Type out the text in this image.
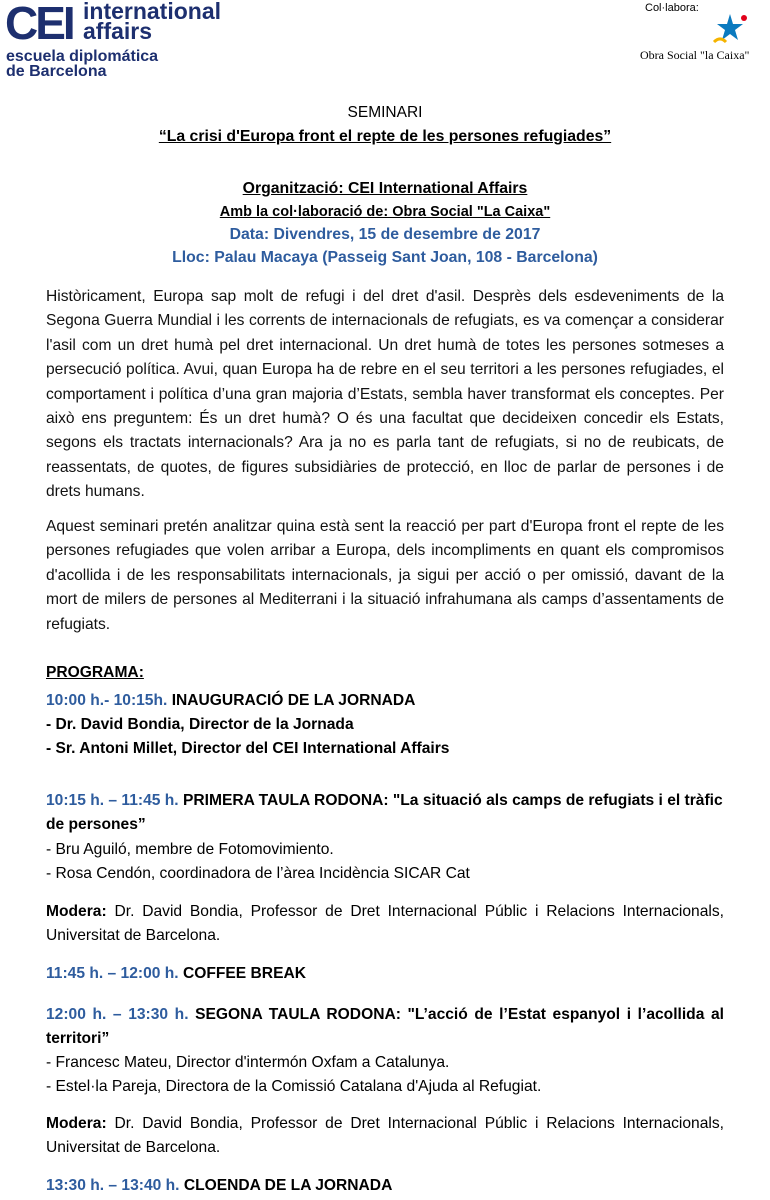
CEI international
affairs
escuela diplomática
de Barcelona
Col·labora:
Obra Social "la Caixa"
SEMINARI
“La crisi d'Europa front el repte de les persones refugiades”
Organització: CEI International Affairs
Amb la col·laboració de: Obra Social "La Caixa"
Data: Divendres, 15 de desembre de 2017
Lloc: Palau Macaya (Passeig Sant Joan, 108 - Barcelona)
Històricament, Europa sap molt de refugi i del dret d'asil. Desprès dels esdeveniments de la Segona Guerra Mundial i les corrents de internacionals de refugiats, es va començar a considerar l'asil com un dret humà pel dret internacional. Un dret humà de totes les persones sotmeses a persecució política. Avui, quan Europa ha de rebre en el seu territori a les persones refugiades, el comportament i política d’una gran majoria d’Estats, sembla haver transformat els conceptes. Per això ens preguntem: És un dret humà? O és una facultat que decideixen concedir els Estats, segons els tractats internacionals? Ara ja no es parla tant de refugiats, si no de reubicats, de reassentats, de quotes, de figures subsidiàries de protecció, en lloc de parlar de persones i de drets humans.
Aquest seminari pretén analitzar quina està sent la reacció per part d'Europa front el repte de les persones refugiades que volen arribar a Europa, dels incompliments en quant els compromisos d'acollida i de les responsabilitats internacionals, ja sigui per acció o per omissió, davant de la mort de milers de persones al Mediterrani i la situació infrahumana als camps d’assentaments de refugiats.
PROGRAMA:
10:00 h.- 10:15h. INAUGURACIÓ DE LA JORNADA
- Dr. David Bondia, Director de la Jornada
- Sr. Antoni Millet, Director del CEI International Affairs
10:15 h. – 11:45 h. PRIMERA TAULA RODONA: "La situació als camps de refugiats i el tràfic de persones”
- Bru Aguiló, membre de Fotomovimiento.
- Rosa Cendón, coordinadora de l’àrea Incidència SICAR Cat
Modera: Dr. David Bondia, Professor de Dret Internacional Públic i Relacions Internacionals, Universitat de Barcelona.
11:45 h. – 12:00 h. COFFEE BREAK
12:00 h. – 13:30 h. SEGONA TAULA RODONA: "L’acció de l’Estat espanyol i l’acollida al territori”
- Francesc Mateu, Director d'intermón Oxfam a Catalunya.
- Estel·la Pareja, Directora de la Comissió Catalana d'Ajuda al Refugiat.
Modera: Dr. David Bondia, Professor de Dret Internacional Públic i Relacions Internacionals, Universitat de Barcelona.
13:30 h. – 13:40 h. CLOENDA DE LA JORNADA
